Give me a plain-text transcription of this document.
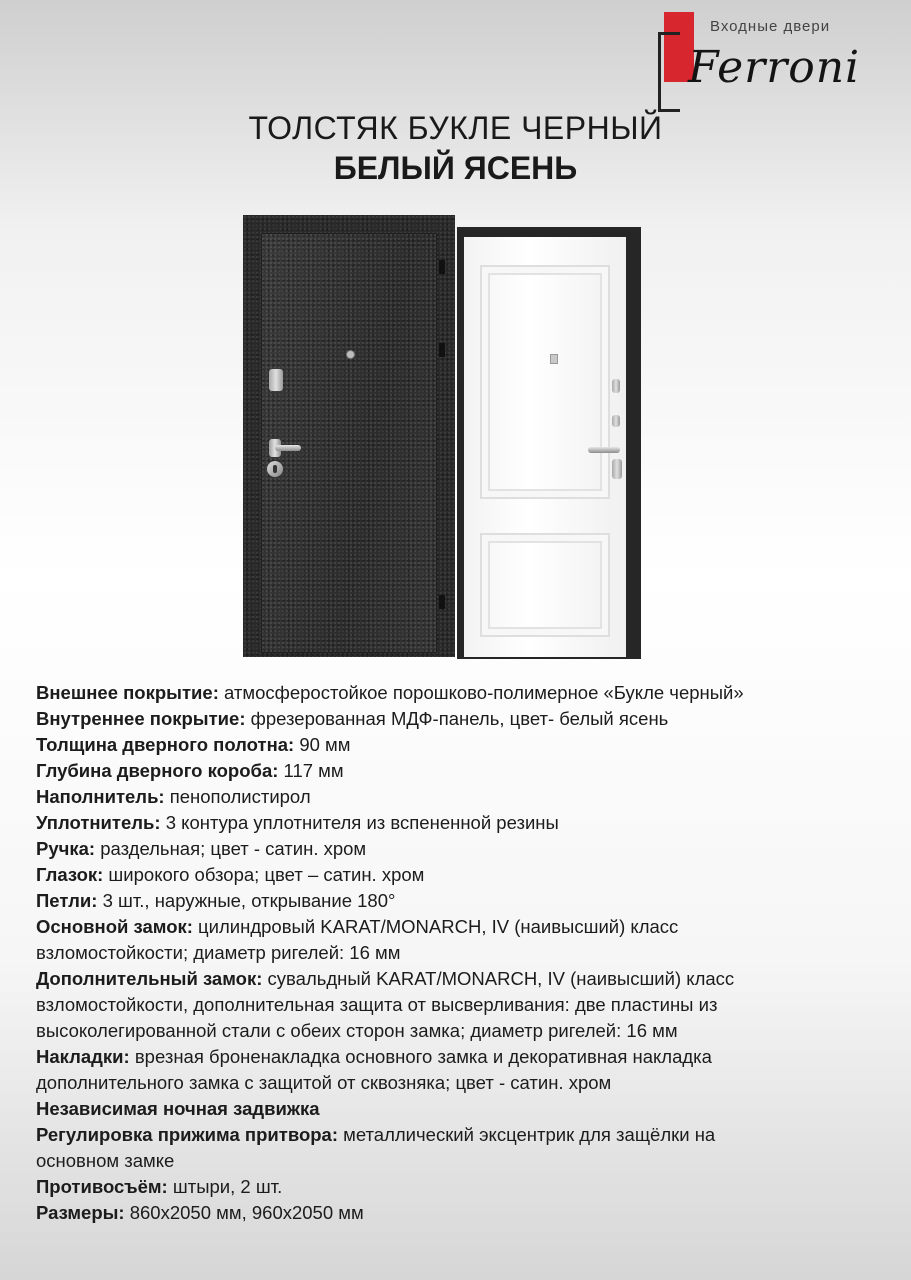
Входные двери
Ferroni
ТОЛСТЯК БУКЛЕ ЧЕРНЫЙ
БЕЛЫЙ ЯСЕНЬ

Внешнее покрытие: атмосферостойкое порошково-полимерное «Букле черный»

Внутреннее покрытие: фрезерованная МДФ-панель, цвет- белый ясень

Толщина дверного полотна: 90 мм

Глубина дверного короба: 117 мм

Наполнитель: пенополистирол

Уплотнитель: 3 контура уплотнителя из вспененной резины

Ручка: раздельная; цвет - сатин. хром

Глазок: широкого обзора; цвет – сатин. хром

Петли: 3 шт., наружные, открывание 180°

Основной замок: цилиндровый KARAT/MONARCH, IV (наивысший) класс

взломостойкости; диаметр ригелей: 16 мм

Дополнительный замок: сувальдный KARAT/MONARCH, IV (наивысший) класс

взломостойкости, дополнительная защита от высверливания: две пластины из

высоколегированной стали с обеих сторон замка; диаметр ригелей: 16 мм

Накладки: врезная броненакладка основного замка и декоративная накладка

дополнительного замка с защитой от сквозняка; цвет - сатин. хром

Независимая ночная задвижка

Регулировка прижима притвора: металлический эксцентрик для защёлки на

основном замке

Противосъём: штыри, 2 шт.

Размеры: 860х2050 мм, 960х2050 мм
